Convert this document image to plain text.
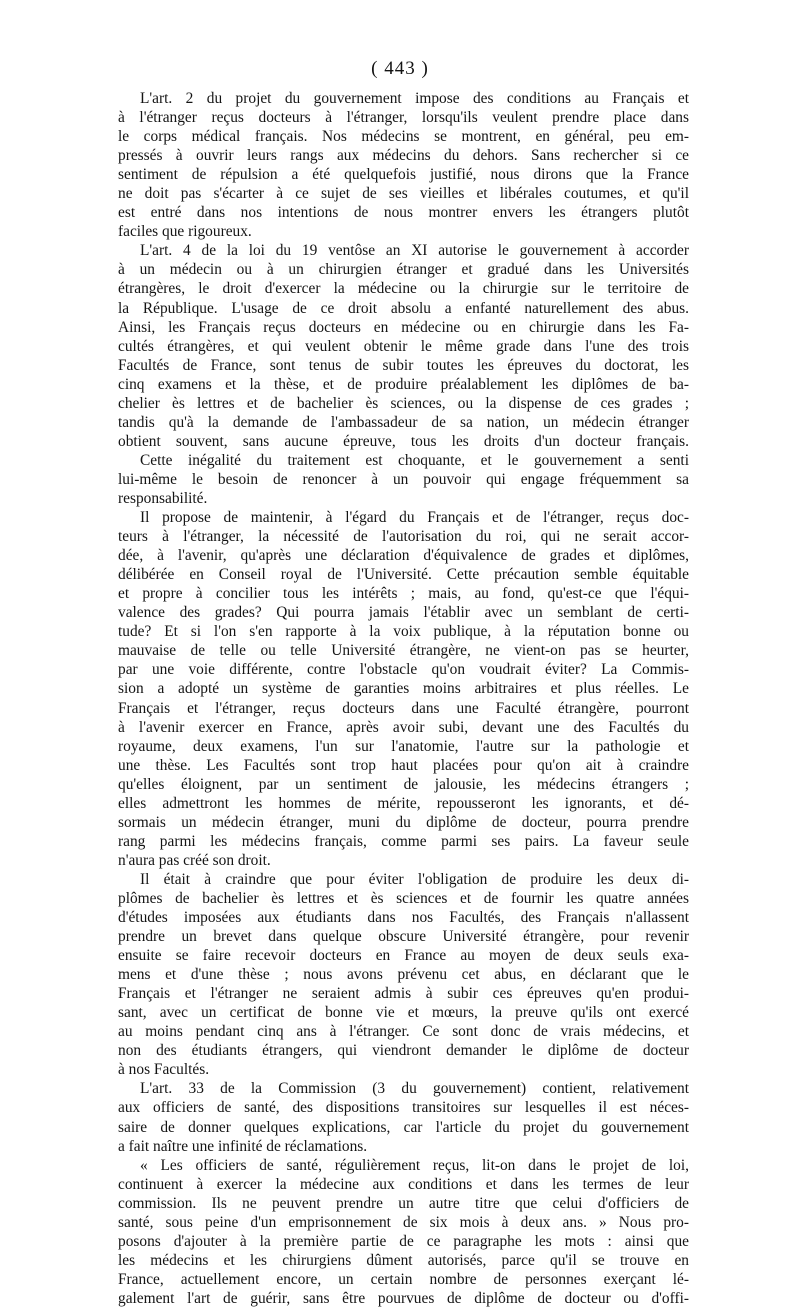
( 443 )
L'art. 2 du projet du gouvernement impose des conditions au Français et
à l'étranger reçus docteurs à l'étranger, lorsqu'ils veulent prendre place dans
le corps médical français. Nos médecins se montrent, en général, peu em-
pressés à ouvrir leurs rangs aux médecins du dehors. Sans rechercher si ce
sentiment de répulsion a été quelquefois justifié, nous dirons que la France
ne doit pas s'écarter à ce sujet de ses vieilles et libérales coutumes, et qu'il
est entré dans nos intentions de nous montrer envers les étrangers plutôt
faciles que rigoureux.
L'art. 4 de la loi du 19 ventôse an XI autorise le gouvernement à accorder
à un médecin ou à un chirurgien étranger et gradué dans les Universités
étrangères, le droit d'exercer la médecine ou la chirurgie sur le territoire de
la République. L'usage de ce droit absolu a enfanté naturellement des abus.
Ainsi, les Français reçus docteurs en médecine ou en chirurgie dans les Fa-
cultés étrangères, et qui veulent obtenir le même grade dans l'une des trois
Facultés de France, sont tenus de subir toutes les épreuves du doctorat, les
cinq examens et la thèse, et de produire préalablement les diplômes de ba-
chelier ès lettres et de bachelier ès sciences, ou la dispense de ces grades ;
tandis qu'à la demande de l'ambassadeur de sa nation, un médecin étranger
obtient souvent, sans aucune épreuve, tous les droits d'un docteur français.
Cette inégalité du traitement est choquante, et le gouvernement a senti
lui-même le besoin de renoncer à un pouvoir qui engage fréquemment sa
responsabilité.
Il propose de maintenir, à l'égard du Français et de l'étranger, reçus doc-
teurs à l'étranger, la nécessité de l'autorisation du roi, qui ne serait accor-
dée, à l'avenir, qu'après une déclaration d'équivalence de grades et diplômes,
délibérée en Conseil royal de l'Université. Cette précaution semble équitable
et propre à concilier tous les intérêts ; mais, au fond, qu'est-ce que l'équi-
valence des grades? Qui pourra jamais l'établir avec un semblant de certi-
tude? Et si l'on s'en rapporte à la voix publique, à la réputation bonne ou
mauvaise de telle ou telle Université étrangère, ne vient-on pas se heurter,
par une voie différente, contre l'obstacle qu'on voudrait éviter? La Commis-
sion a adopté un système de garanties moins arbitraires et plus réelles. Le
Français et l'étranger, reçus docteurs dans une Faculté étrangère, pourront
à l'avenir exercer en France, après avoir subi, devant une des Facultés du
royaume, deux examens, l'un sur l'anatomie, l'autre sur la pathologie et
une thèse. Les Facultés sont trop haut placées pour qu'on ait à craindre
qu'elles éloignent, par un sentiment de jalousie, les médecins étrangers ;
elles admettront les hommes de mérite, repousseront les ignorants, et dé-
sormais un médecin étranger, muni du diplôme de docteur, pourra prendre
rang parmi les médecins français, comme parmi ses pairs. La faveur seule
n'aura pas créé son droit.
Il était à craindre que pour éviter l'obligation de produire les deux di-
plômes de bachelier ès lettres et ès sciences et de fournir les quatre années
d'études imposées aux étudiants dans nos Facultés, des Français n'allassent
prendre un brevet dans quelque obscure Université étrangère, pour revenir
ensuite se faire recevoir docteurs en France au moyen de deux seuls exa-
mens et d'une thèse ; nous avons prévenu cet abus, en déclarant que le
Français et l'étranger ne seraient admis à subir ces épreuves qu'en produi-
sant, avec un certificat de bonne vie et mœurs, la preuve qu'ils ont exercé
au moins pendant cinq ans à l'étranger. Ce sont donc de vrais médecins, et
non des étudiants étrangers, qui viendront demander le diplôme de docteur
à nos Facultés.
L'art. 33 de la Commission (3 du gouvernement) contient, relativement
aux officiers de santé, des dispositions transitoires sur lesquelles il est néces-
saire de donner quelques explications, car l'article du projet du gouvernement
a fait naître une infinité de réclamations.
« Les officiers de santé, régulièrement reçus, lit-on dans le projet de loi,
continuent à exercer la médecine aux conditions et dans les termes de leur
commission. Ils ne peuvent prendre un autre titre que celui d'officiers de
santé, sous peine d'un emprisonnement de six mois à deux ans. » Nous pro-
posons d'ajouter à la première partie de ce paragraphe les mots : ainsi que
les médecins et les chirurgiens dûment autorisés, parce qu'il se trouve en
France, actuellement encore, un certain nombre de personnes exerçant lé-
galement l'art de guérir, sans être pourvues de diplôme de docteur ou d'offi-
